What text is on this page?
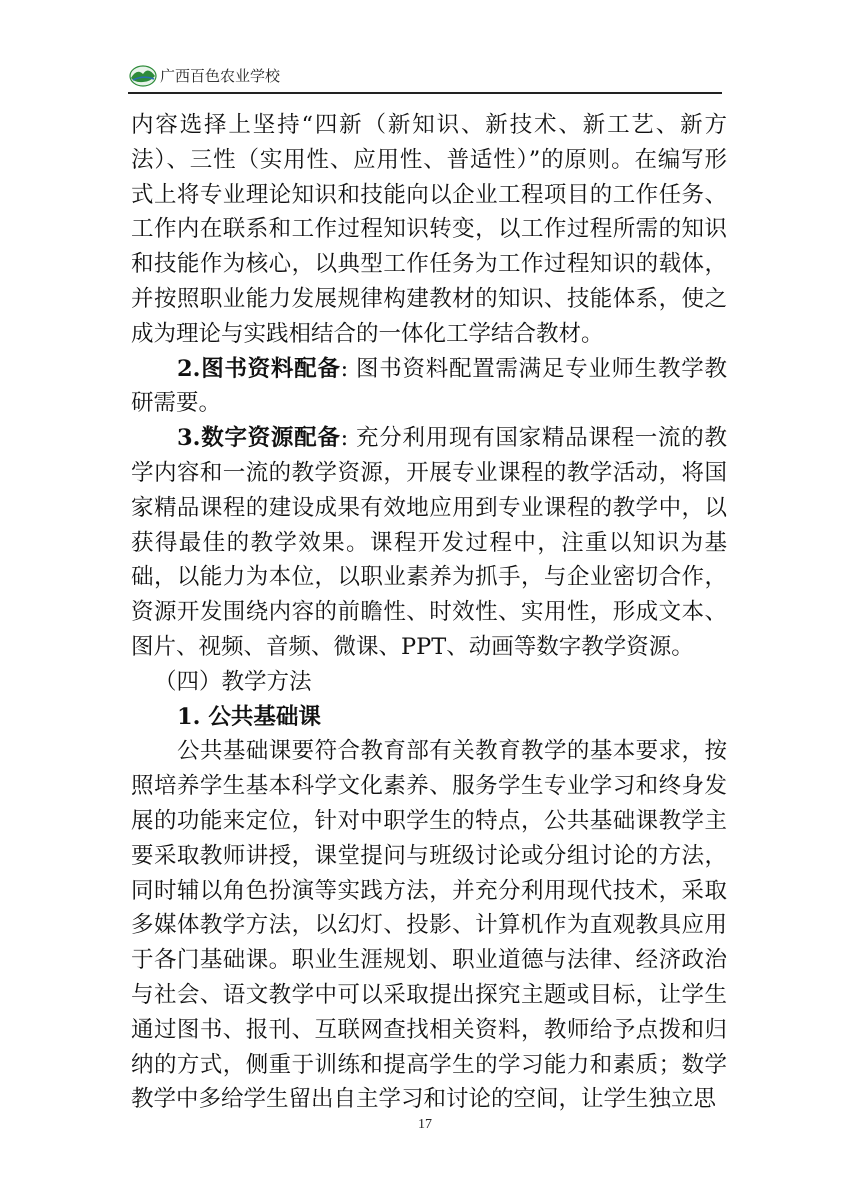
广西百色农业学校

内容选择上坚持“四新（新知识、新技术、新工艺、新方法）、三性（实用性、应用性、普适性）”的原则。在编写形式上将专业理论知识和技能向以企业工程项目的工作任务、工作内在联系和工作过程知识转变，以工作过程所需的知识和技能作为核心，以典型工作任务为工作过程知识的载体，并按照职业能力发展规律构建教材的知识、技能体系，使之成为理论与实践相结合的一体化工学结合教材。

2.图书资料配备: 图书资料配置需满足专业师生教学教研需要。

3.数字资源配备: 充分利用现有国家精品课程一流的教学内容和一流的教学资源，开展专业课程的教学活动，将国家精品课程的建设成果有效地应用到专业课程的教学中，以获得最佳的教学效果。课程开发过程中，注重以知识为基础，以能力为本位，以职业素养为抓手，与企业密切合作，资源开发围绕内容的前瞻性、时效性、实用性，形成文本、图片、视频、音频、微课、PPT、动画等数字教学资源。

（四）教学方法

1. 公共基础课

公共基础课要符合教育部有关教育教学的基本要求，按照培养学生基本科学文化素养、服务学生专业学习和终身发展的功能来定位，针对中职学生的特点，公共基础课教学主要采取教师讲授，课堂提问与班级讨论或分组讨论的方法，同时辅以角色扮演等实践方法，并充分利用现代技术，采取多媒体教学方法，以幻灯、投影、计算机作为直观教具应用于各门基础课。职业生涯规划、职业道德与法律、经济政治与社会、语文教学中可以采取提出探究主题或目标，让学生通过图书、报刊、互联网查找相关资料，教师给予点拨和归纳的方式，侧重于训练和提高学生的学习能力和素质；数学教学中多给学生留出自主学习和讨论的空间，让学生独立思

17
